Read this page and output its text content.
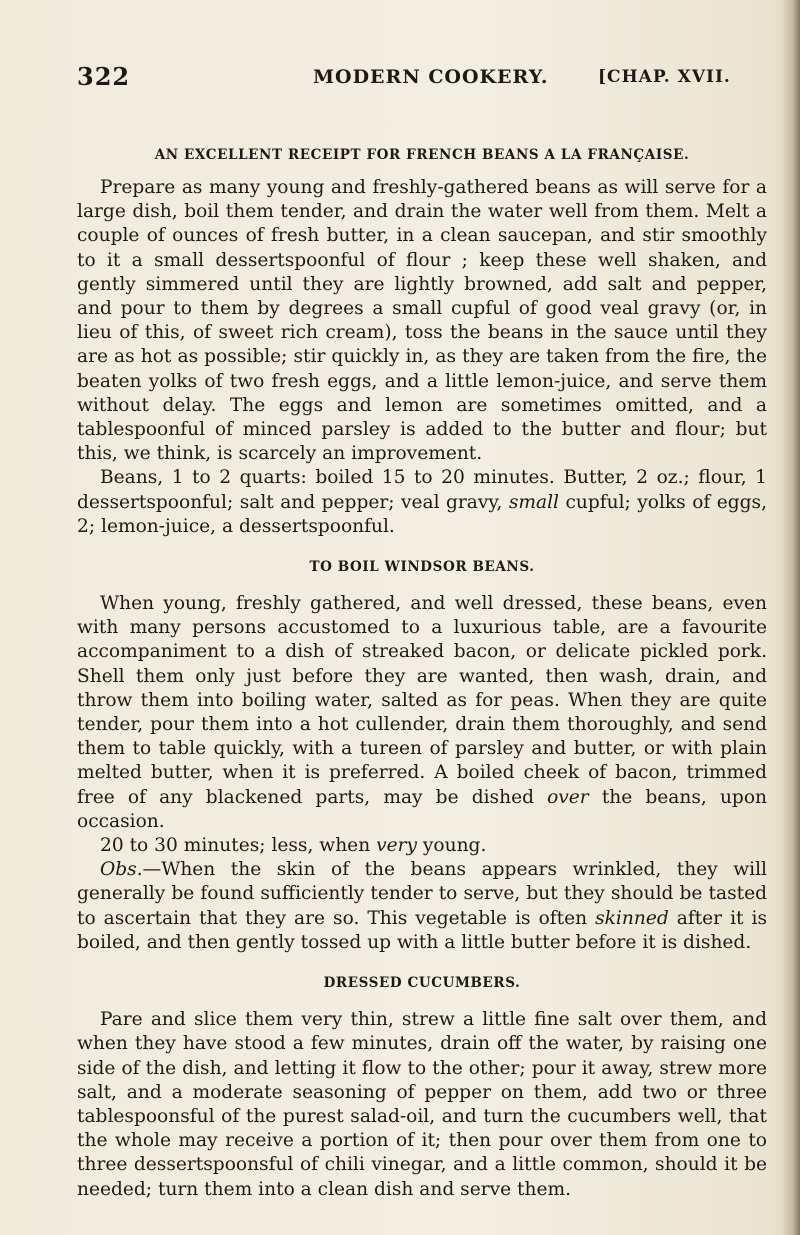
322	MODERN COOKERY.	[CHAP. XVII.
AN EXCELLENT RECEIPT FOR FRENCH BEANS A LA FRANÇAISE.

Prepare as many young and freshly-gathered beans as will serve for a large dish, boil them tender, and drain the water well from them. Melt a couple of ounces of fresh butter, in a clean saucepan, and stir smoothly to it a small dessertspoonful of flour ; keep these well shaken, and gently simmered until they are lightly browned, add salt and pepper, and pour to them by degrees a small cupful of good veal gravy (or, in lieu of this, of sweet rich cream), toss the beans in the sauce until they are as hot as possible; stir quickly in, as they are taken from the fire, the beaten yolks of two fresh eggs, and a little lemon-juice, and serve them without delay. The eggs and lemon are sometimes omitted, and a tablespoonful of minced parsley is added to the butter and flour; but this, we think, is scarcely an improvement.

Beans, 1 to 2 quarts: boiled 15 to 20 minutes. Butter, 2 oz.; flour, 1 dessertspoonful; salt and pepper; veal gravy, small cupful; yolks of eggs, 2; lemon-juice, a dessertspoonful.

TO BOIL WINDSOR BEANS.

When young, freshly gathered, and well dressed, these beans, even with many persons accustomed to a luxurious table, are a favourite accompaniment to a dish of streaked bacon, or delicate pickled pork. Shell them only just before they are wanted, then wash, drain, and throw them into boiling water, salted as for peas. When they are quite tender, pour them into a hot cullender, drain them thoroughly, and send them to table quickly, with a tureen of parsley and butter, or with plain melted butter, when it is preferred. A boiled cheek of bacon, trimmed free of any blackened parts, may be dished over the beans, upon occasion.

20 to 30 minutes; less, when very young.

Obs.—When the skin of the beans appears wrinkled, they will generally be found sufficiently tender to serve, but they should be tasted to ascertain that they are so. This vegetable is often skinned after it is boiled, and then gently tossed up with a little butter before it is dished.

DRESSED CUCUMBERS.

Pare and slice them very thin, strew a little fine salt over them, and when they have stood a few minutes, drain off the water, by raising one side of the dish, and letting it flow to the other; pour it away, strew more salt, and a moderate seasoning of pepper on them, add two or three tablespoonsful of the purest salad-oil, and turn the cucumbers well, that the whole may receive a portion of it; then pour over them from one to three dessertspoonsful of chili vinegar, and a little common, should it be needed; turn them into a clean dish and serve them.
